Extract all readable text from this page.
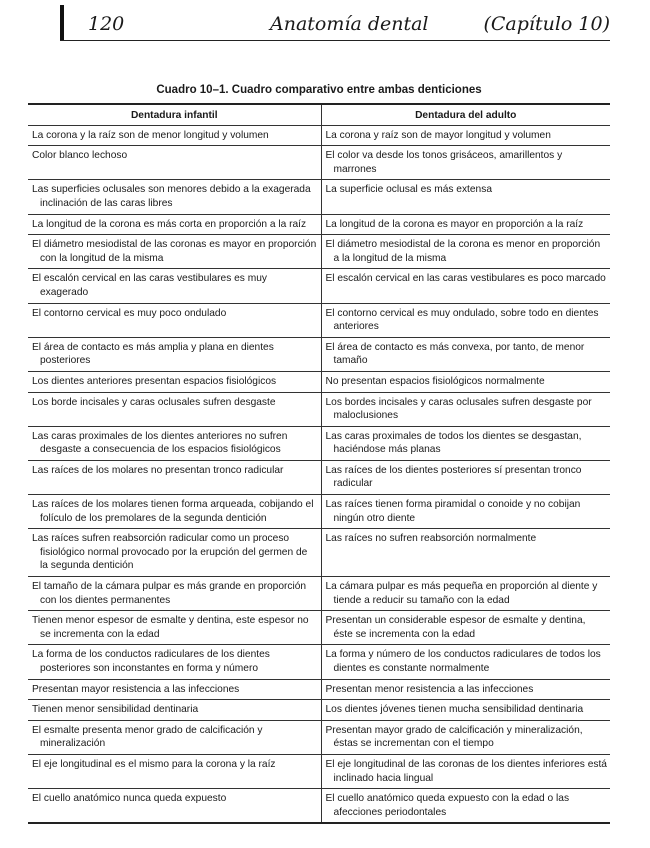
120	Anatomía dental	(Capítulo 10)
Cuadro 10–1. Cuadro comparativo entre ambas denticiones
Dentadura infantil	Dentadura del adulto

La corona y la raíz son de menor longitud y volumen	La corona y raíz son de mayor longitud y volumen

Color blanco lechoso	El color va desde los tonos grisáceos, amarillentos y marrones

Las superficies oclusales son menores debido a la exagerada inclinación de las caras libres	La superficie oclusal es más extensa

La longitud de la corona es más corta en proporción a la raíz	La longitud de la corona es mayor en proporción a la raíz

El diámetro mesiodistal de las coronas es mayor en proporción con la longitud de la misma	El diámetro mesiodistal de la corona es menor en proporción a la longitud de la misma

El escalón cervical en las caras vestibulares es muy exagerado	El escalón cervical en las caras vestibulares es poco marcado

El contorno cervical es muy poco ondulado	El contorno cervical es muy ondulado, sobre todo en dientes anteriores

El área de contacto es más amplia y plana en dientes posteriores	El área de contacto es más convexa, por tanto, de menor tamaño

Los dientes anteriores presentan espacios fisiológicos	No presentan espacios fisiológicos normalmente

Los borde incisales y caras oclusales sufren desgaste	Los bordes incisales y caras oclusales sufren desgaste por maloclusiones

Las caras proximales de los dientes anteriores no sufren desgaste a consecuencia de los espacios fisiológicos	Las caras proximales de todos los dientes se desgastan, haciéndose más planas

Las raíces de los molares no presentan tronco radicular	Las raíces de los dientes posteriores sí presentan tronco radicular

Las raíces de los molares tienen forma arqueada, cobijando el folículo de los premolares de la segunda dentición	Las raíces tienen forma piramidal o conoide y no cobijan ningún otro diente

Las raíces sufren reabsorción radicular como un proceso fisiológico normal provocado por la erupción del germen de la segunda dentición	Las raíces no sufren reabsorción normalmente

El tamaño de la cámara pulpar es más grande en proporción con los dientes permanentes	La cámara pulpar es más pequeña en proporción al diente y tiende a reducir su tamaño con la edad

Tienen menor espesor de esmalte y dentina, este espesor no se incrementa con la edad	Presentan un considerable espesor de esmalte y dentina, éste se incrementa con la edad

La forma de los conductos radiculares de los dientes posteriores son inconstantes en forma y número	La forma y número de los conductos radiculares de todos los dientes es constante normalmente

Presentan mayor resistencia a las infecciones	Presentan menor resistencia a las infecciones

Tienen menor sensibilidad dentinaria	Los dientes jóvenes tienen mucha sensibilidad dentinaria

El esmalte presenta menor grado de calcificación y mineralización	Presentan mayor grado de calcificación y mineralización, éstas se incrementan con el tiempo

El eje longitudinal es el mismo para la corona y la raíz	El eje longitudinal de las coronas de los dientes inferiores está inclinado hacia lingual

El cuello anatómico nunca queda expuesto	El cuello anatómico queda expuesto con la edad o las afecciones periodontales
